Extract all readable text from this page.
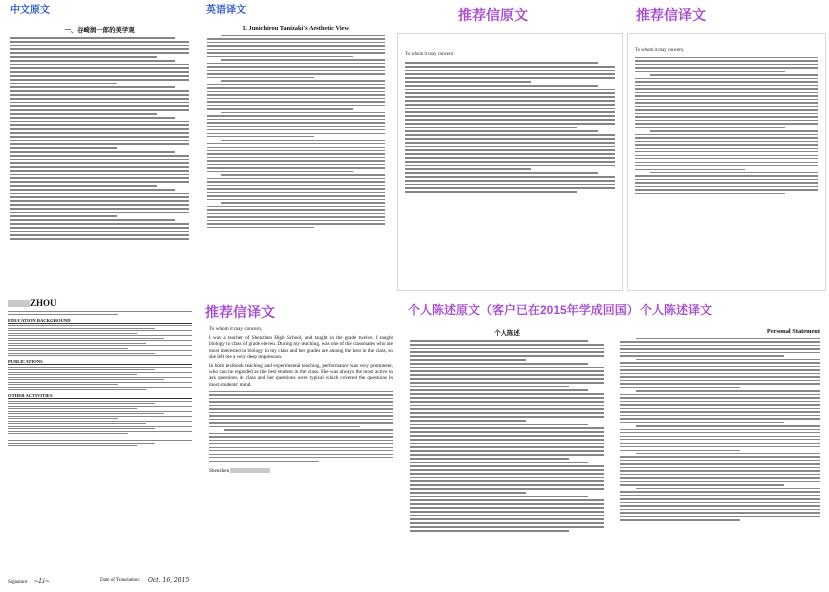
中文原文	英语译文	推荐信原文	推荐信译文
推荐信译文	个人陈述原文（客户已在2015年学成回国） 个人陈述译文
一、谷崎润一郎的美学观	I. Junichirou Tanizaki's Aesthetic View
To whom it may concern：
To whom it may concern,
ZHOU
EDUCATION BACKGROUND
PUBLICATIONS
OTHER ACTIVITIES
Signature: ~Li~	Date of Translation: Oct. 16, 2015
To whom it may concern,
I was a teacher of Shenzhen High School, and taught in the grade twelve. I taught biology to class of grade eleven. During my teaching, was one of the classmates who are most interested in biology in my class and her grades are among the best in the class, so she left me a very deep impression.
In both textbook teaching and experimental teaching, performance was very prominent, who can be regarded as the best student in the class. She was always the most active to ask questions in class and her questions were typical which covered the questions in most students' mind.
Shenzhen
个人陈述	Personal Statement
